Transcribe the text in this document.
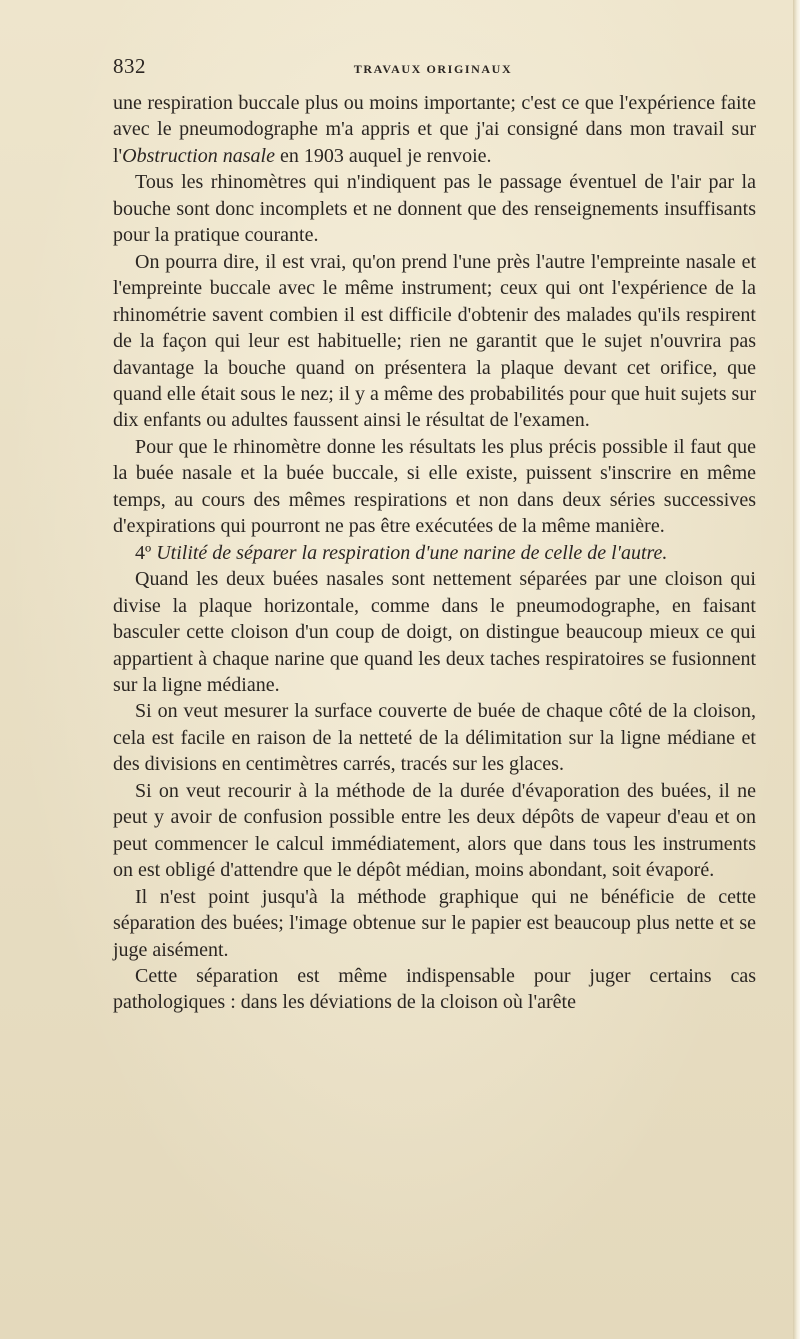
832	TRAVAUX ORIGINAUX

une respiration buccale plus ou moins importante; c'est ce que l'expérience faite avec le pneumodographe m'a appris et que j'ai consigné dans mon travail sur l'Obstruction nasale en 1903 auquel je renvoie.

Tous les rhinomètres qui n'indiquent pas le passage éventuel de l'air par la bouche sont donc incomplets et ne donnent que des renseignements insuffisants pour la pratique courante.

On pourra dire, il est vrai, qu'on prend l'une près l'autre l'empreinte nasale et l'empreinte buccale avec le même instrument; ceux qui ont l'expérience de la rhinométrie savent combien il est difficile d'obtenir des malades qu'ils respirent de la façon qui leur est habituelle; rien ne garantit que le sujet n'ouvrira pas davantage la bouche quand on présentera la plaque devant cet orifice, que quand elle était sous le nez; il y a même des probabilités pour que huit sujets sur dix enfants ou adultes faussent ainsi le résultat de l'examen.

Pour que le rhinomètre donne les résultats les plus précis possible il faut que la buée nasale et la buée buccale, si elle existe, puissent s'inscrire en même temps, au cours des mêmes respirations et non dans deux séries successives d'expirations qui pourront ne pas être exécutées de la même manière.

4º Utilité de séparer la respiration d'une narine de celle de l'autre.

Quand les deux buées nasales sont nettement séparées par une cloison qui divise la plaque horizontale, comme dans le pneumodographe, en faisant basculer cette cloison d'un coup de doigt, on distingue beaucoup mieux ce qui appartient à chaque narine que quand les deux taches respiratoires se fusionnent sur la ligne médiane.

Si on veut mesurer la surface couverte de buée de chaque côté de la cloison, cela est facile en raison de la netteté de la délimitation sur la ligne médiane et des divisions en centimètres carrés, tracés sur les glaces.

Si on veut recourir à la méthode de la durée d'évaporation des buées, il ne peut y avoir de confusion possible entre les deux dépôts de vapeur d'eau et on peut commencer le calcul immédiatement, alors que dans tous les instruments on est obligé d'attendre que le dépôt médian, moins abondant, soit évaporé.

Il n'est point jusqu'à la méthode graphique qui ne bénéficie de cette séparation des buées; l'image obtenue sur le papier est beaucoup plus nette et se juge aisément.

Cette séparation est même indispensable pour juger certains cas pathologiques : dans les déviations de la cloison où l'arête
